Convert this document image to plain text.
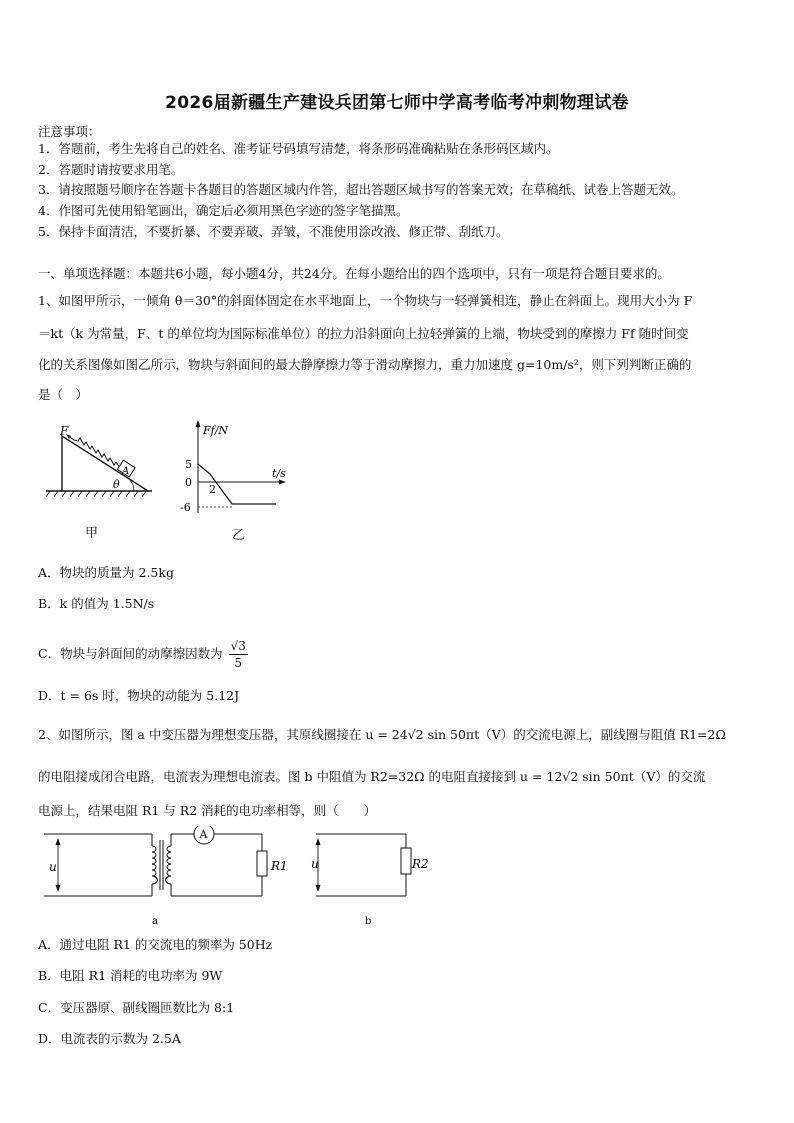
2026届新疆生产建设兵团第七师中学高考临考冲刺物理试卷
注意事项：
1．答题前，考生先将自己的姓名、准考证号码填写清楚，将条形码准确粘贴在条形码区域内。
2．答题时请按要求用笔。
3．请按照题号顺序在答题卡各题目的答题区域内作答，超出答题区域书写的答案无效；在草稿纸、试卷上答题无效。
4．作图可先使用铅笔画出，确定后必须用黑色字迹的签字笔描黑。
5．保持卡面清洁，不要折暴、不要弄破、弄皱，不准使用涂改液、修正带、刮纸刀。
一、单项选择题：本题共6小题，每小题4分，共24分。在每小题给出的四个选项中，只有一项是符合题目要求的。
1、如图甲所示，一倾角 θ＝30°的斜面体固定在水平地面上，一个物块与一轻弹簧相连，静止在斜面上。现用大小为 F
＝kt（k 为常量，F、t 的单位均为国际标准单位）的拉力沿斜面向上拉轻弹簧的上端，物块受到的摩擦力 Ff 随时间变
化的关系图像如图乙所示，物块与斜面间的最大静摩擦力等于滑动摩擦力，重力加速度 g=10m/s²，则下列判断正确的
是（　）
F
A
θ
甲
Ff/N
t/s
5
0
-6
2
乙
A．物块的质量为 2.5kg
B．k 的值为 1.5N/s
C．物块与斜面间的动摩擦因数为 $\frac{√3}{5}$
D．t = 6s 时，物块的动能为 5.12J
2、如图所示，图 a 中变压器为理想变压器，其原线圈接在 u = 24√2 sin 50πt（V）的交流电源上，副线圈与阻值 R1=2Ω
的电阻接成闭合电路，电流表为理想电流表。图 b 中阻值为 R2=32Ω 的电阻直接接到 u = 12√2 sin 50πt（V）的交流
电源上，结果电阻 R1 与 R2 消耗的电功率相等，则（　　）
A
R1
u
a
R2
u
b
A．通过电阻 R1 的交流电的频率为 50Hz
B．电阻 R1 消耗的电功率为 9W
C．变压器原、副线圈匝数比为 8:1
D．电流表的示数为 2.5A
